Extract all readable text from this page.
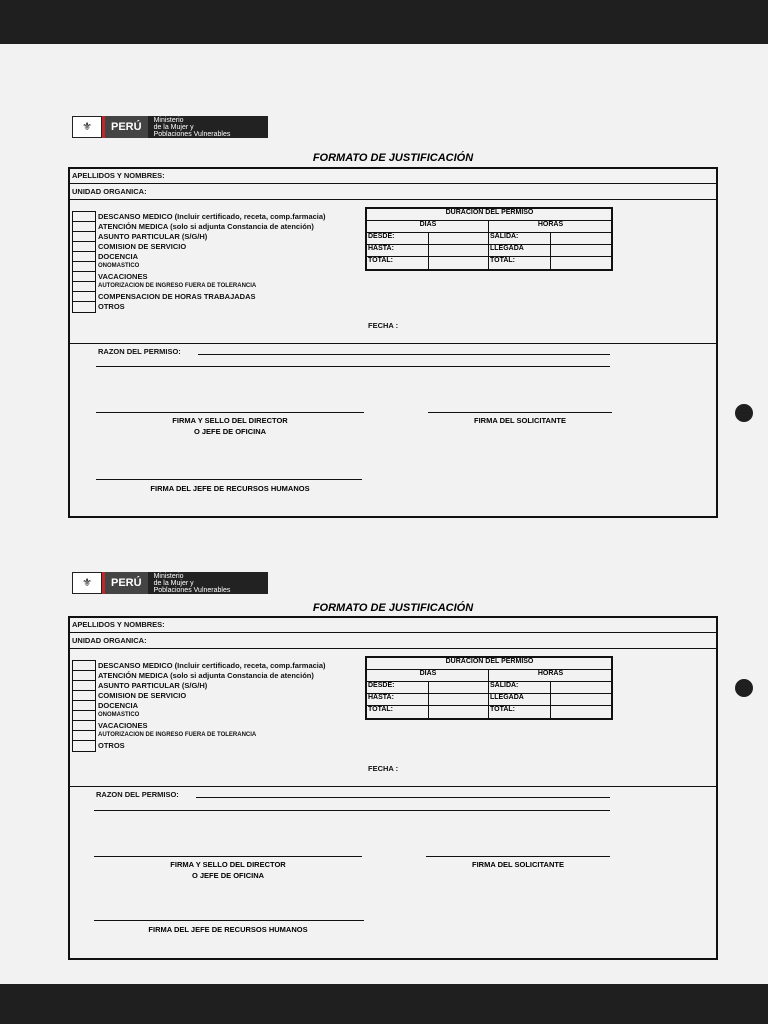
⚜	PERÚ
Ministerio
de la Mujer y
Poblaciones Vulnerables
FORMATO DE JUSTIFICACIÓN
APELLIDOS Y NOMBRES:
UNIDAD ORGANICA:
DESCANSO MEDICO (Incluir certificado, receta, comp.farmacia)
ATENCIÓN MEDICA (solo si adjunta Constancia de atención)
ASUNTO PARTICULAR (S/G/H)
COMISION DE SERVICIO
DOCENCIA
ONOMASTICO
VACACIONES
AUTORIZACION DE INGRESO FUERA DE TOLERANCIA
COMPENSACION DE HORAS TRABAJADAS
OTROS
DURACION DEL PERMISO
DIAS	HORAS
DESDE:	SALIDA:
HASTA:	LLEGADA
TOTAL:	TOTAL:
FECHA :
RAZON DEL PERMISO:
FIRMA Y SELLO DEL DIRECTOR
O JEFE DE OFICINA
FIRMA DEL SOLICITANTE
FIRMA DEL JEFE DE RECURSOS HUMANOS
⚜	PERÚ
Ministerio
de la Mujer y
Poblaciones Vulnerables
FORMATO DE JUSTIFICACIÓN
APELLIDOS Y NOMBRES:
UNIDAD ORGANICA:
DESCANSO MEDICO (Incluir certificado, receta, comp.farmacia)
ATENCIÓN MEDICA (solo si adjunta Constancia de atención)
ASUNTO PARTICULAR (S/G/H)
COMISION DE SERVICIO
DOCENCIA
ONOMASTICO
VACACIONES
AUTORIZACION DE INGRESO FUERA DE TOLERANCIA
OTROS
DURACION DEL PERMISO
DIAS	HORAS
DESDE:	SALIDA:
HASTA:	LLEGADA
TOTAL:	TOTAL:
FECHA :
RAZON DEL PERMISO:
FIRMA Y SELLO DEL DIRECTOR
O JEFE DE OFICINA
FIRMA DEL SOLICITANTE
FIRMA DEL JEFE DE RECURSOS HUMANOS
